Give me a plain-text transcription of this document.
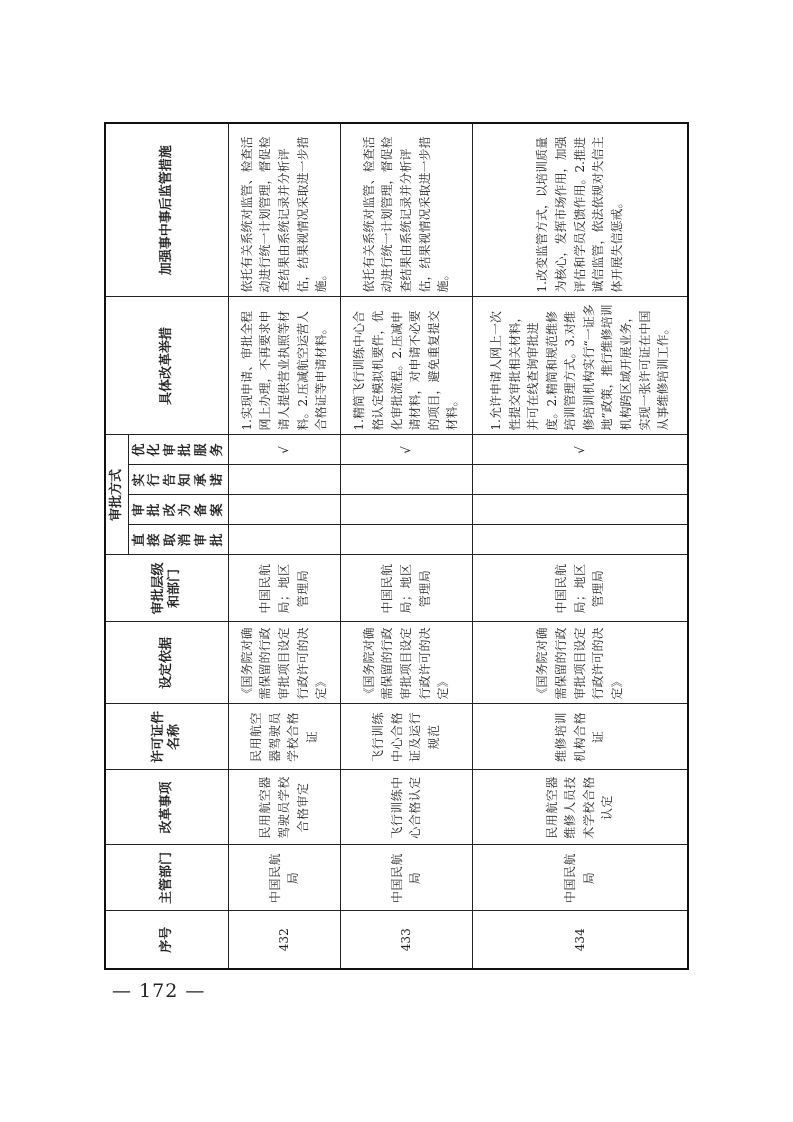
序号	主管部门	改革事项	许可证件名称	设定依据	审批层级和部门	审批方式				具体改革举措	加强事中事后监管措施
						直接取消审批	审批改为备案	实行告知承诺	优化审批服务		
432	中国民航局	民用航空器驾驶员学校合格审定	民用航空器驾驶员学校合格证	《国务院对确需保留的行政审批项目设定行政许可的决定》	中国民航局；地区管理局				√	1.实现申请、审批全程网上办理，不再要求申请人提供营业执照等材料。2.压减航空运营人合格证等申请材料。	依托有关系统对监管、检查活动进行统一计划管理，督促检查结果由系统记录并分析评估，结果视情况采取进一步措施。
433	中国民航局	飞行训练中心合格认定	飞行训练中心合格证及运行规范	《国务院对确需保留的行政审批项目设定行政许可的决定》	中国民航局；地区管理局				√	1.精简飞行训练中心合格认定模拟机要件，优化审批流程。2.压减申请材料，对申请不必要的项目，避免重复提交材料。	依托有关系统对监管、检查活动进行统一计划管理，督促检查结果由系统记录并分析评估，结果视情况采取进一步措施。
434	中国民航局	民用航空器维修人员技术学校合格认定	维修培训机构合格证	《国务院对确需保留的行政审批项目设定行政许可的决定》	中国民航局；地区管理局				√	1.允许申请人网上一次性提交审批相关材料，并可在线查询审批进度。2.精简和规范维修培训管理方式。3.对维修培训机构实行“一证多地”政策，推行维修培训机构跨区域开展业务，实现一张许可证在中国从事维修培训工作。	1.改变监管方式，以培训质量为核心，发挥市场作用，加强评估和学员反馈作用。2.推进诚信监管，依法依规对失信主体开展失信惩戒。
— 172 —
